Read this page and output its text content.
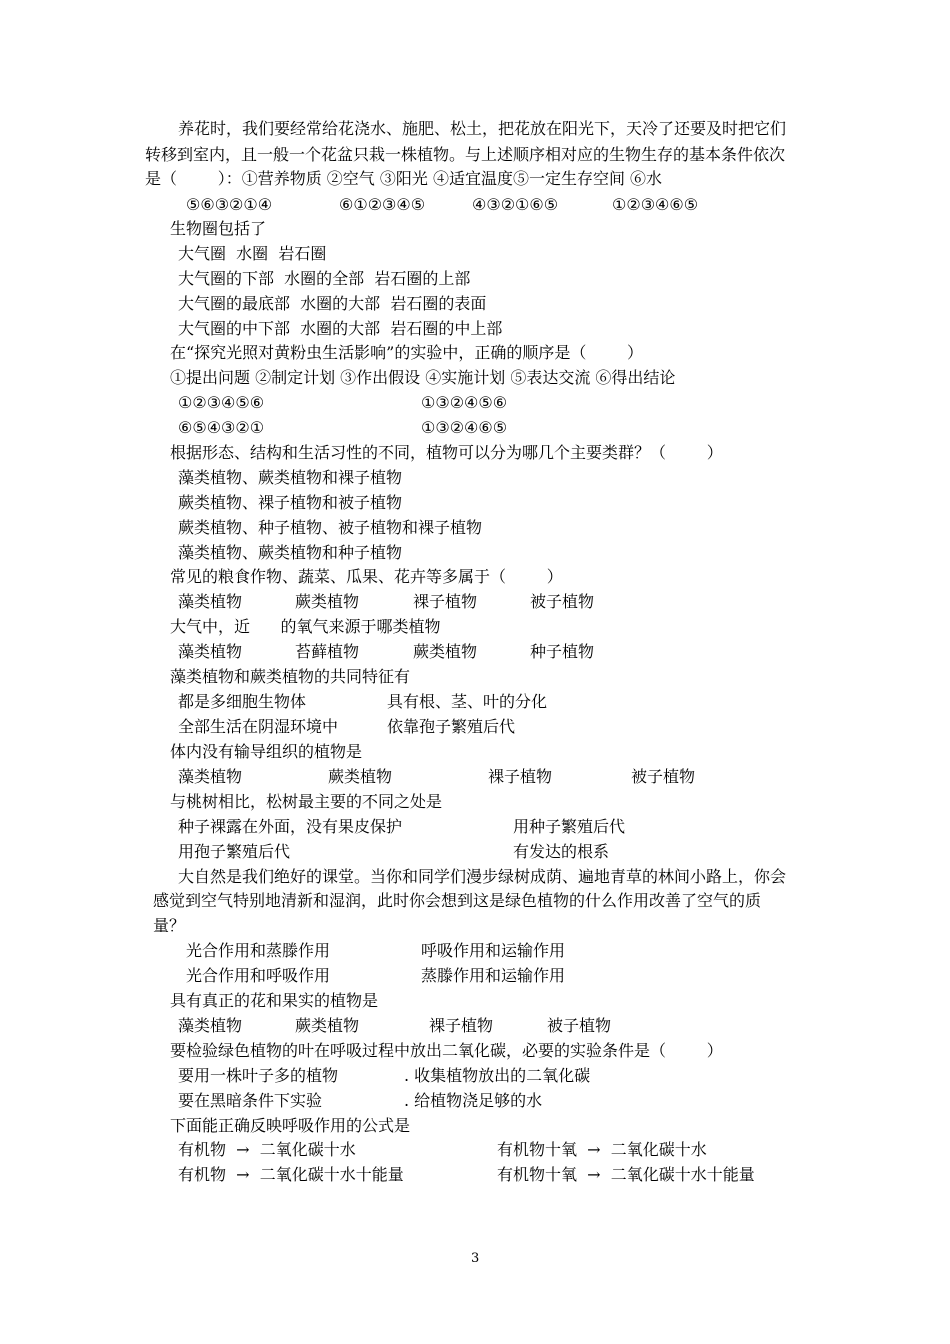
养花时，我们要经常给花浇水、施肥、松土，把花放在阳光下，天冷了还要及时把它们
转移到室内，且一般一个花盆只栽一株植物。与上述顺序相对应的生物生存的基本条件依次
是（        ）：①营养物质 ②空气 ③阳光 ④适宜温度⑤一定生存空间 ⑥水
⑤⑥③②①④	⑥①②③④⑤	④③②①⑥⑤	①②③④⑥⑤
生物圈包括了
大气圈  水圈  岩石圈
大气圈的下部  水圈的全部  岩石圈的上部
大气圈的最底部  水圈的大部  岩石圈的表面
大气圈的中下部  水圈的大部  岩石圈的中上部
在“探究光照对黄粉虫生活影响”的实验中，正确的顺序是（        ）
①提出问题 ②制定计划 ③作出假设 ④实施计划 ⑤表达交流 ⑥得出结论
①②③④⑤⑥	①③②④⑤⑥
⑥⑤④③②①	①③②④⑥⑤
根据形态、结构和生活习性的不同，植物可以分为哪几个主要类群？（        ）
藻类植物、蕨类植物和裸子植物
蕨类植物、裸子植物和被子植物
蕨类植物、种子植物、被子植物和裸子植物
藻类植物、蕨类植物和种子植物
常见的粮食作物、蔬菜、瓜果、花卉等多属于（        ）
藻类植物	蕨类植物	裸子植物	被子植物
大气中，近      的氧气来源于哪类植物
藻类植物	苔藓植物	蕨类植物	种子植物
藻类植物和蕨类植物的共同特征有
都是多细胞生物体	具有根、茎、叶的分化
全部生活在阴湿环境中	依靠孢子繁殖后代
体内没有输导组织的植物是
藻类植物	蕨类植物	裸子植物	被子植物
与桃树相比，松树最主要的不同之处是
种子裸露在外面，没有果皮保护	用种子繁殖后代
用孢子繁殖后代	有发达的根系
大自然是我们绝好的课堂。当你和同学们漫步绿树成荫、遍地青草的林间小路上，你会
感觉到空气特别地清新和湿润，此时你会想到这是绿色植物的什么作用改善了空气的质
量？
光合作用和蒸滕作用	呼吸作用和运输作用
光合作用和呼吸作用	蒸滕作用和运输作用
具有真正的花和果实的植物是
藻类植物	蕨类植物	裸子植物	被子植物
要检验绿色植物的叶在呼吸过程中放出二氧化碳，必要的实验条件是（        ）
要用一株叶子多的植物	. 收集植物放出的二氧化碳
要在黑暗条件下实验	. 给植物浇足够的水
下面能正确反映呼吸作用的公式是
有机物  →  二氧化碳十水	有机物十氧  →  二氧化碳十水
有机物  →  二氧化碳十水十能量	有机物十氧  →  二氧化碳十水十能量
3
